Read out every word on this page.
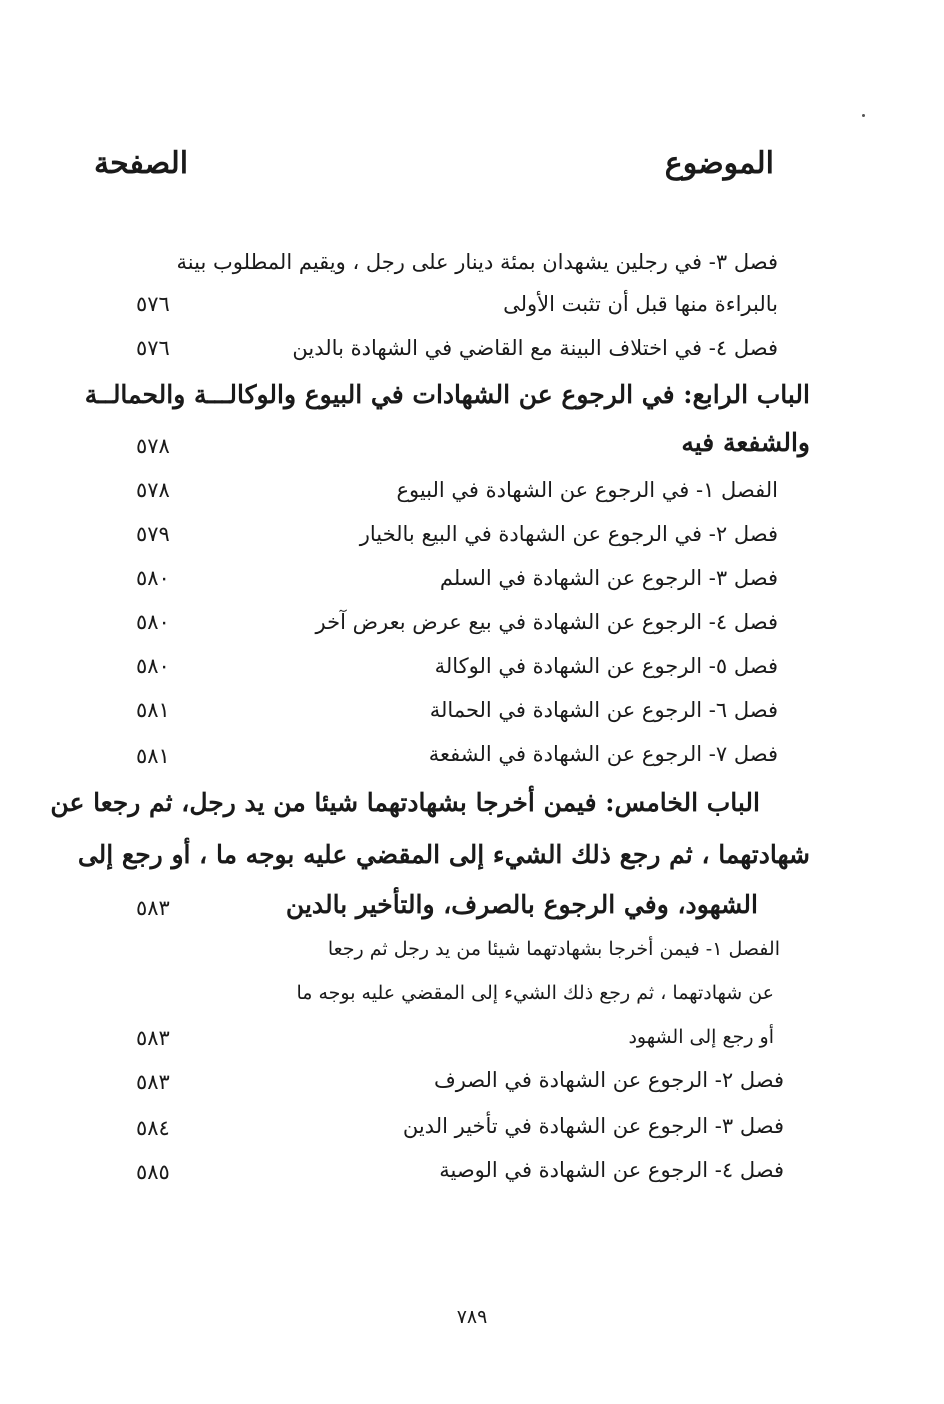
الموضوع
الصفحة
فصل ٣- في رجلين يشهدان بمئة دينار على رجل ، ويقيم المطلوب بينة
بالبراءة منها قبل أن تثبت الأولى
٥٧٦
فصل ٤- في اختلاف البينة مع القاضي في الشهادة بالدين
٥٧٦
الباب الرابع: في الرجوع عن الشهادات في البيوع والوكالـــة والحمالــة
والشفعة فيه
٥٧٨
الفصل ١- في الرجوع عن الشهادة في البيوع
٥٧٨
فصل ٢- في الرجوع عن الشهادة في البيع بالخيار
٥٧٩
فصل ٣- الرجوع عن الشهادة في السلم
٥٨٠
فصل ٤- الرجوع عن الشهادة في بيع عرض بعرض آخر
٥٨٠
فصل ٥- الرجوع عن الشهادة في الوكالة
٥٨٠
فصل ٦- الرجوع عن الشهادة في الحمالة
٥٨١
فصل ٧- الرجوع عن الشهادة في الشفعة
٥٨١
الباب الخامس: فيمن أخرجا بشهادتهما شيئا من يد رجل، ثم رجعا عن
شهادتهما ، ثم رجع ذلك الشيء إلى المقضي عليه بوجه ما ، أو رجع إلى
الشهود، وفي الرجوع بالصرف، والتأخير بالدين
٥٨٣
الفصل ١- فيمن أخرجا بشهادتهما شيئا من يد رجل ثم رجعا
عن شهادتهما ، ثم رجع ذلك الشيء إلى المقضي عليه بوجه ما
أو رجع إلى الشهود
٥٨٣
فصل ٢- الرجوع عن الشهادة في الصرف
٥٨٣
فصل ٣- الرجوع عن الشهادة في تأخير الدين
٥٨٤
فصل ٤- الرجوع عن الشهادة في الوصية
٥٨٥
٧٨٩
